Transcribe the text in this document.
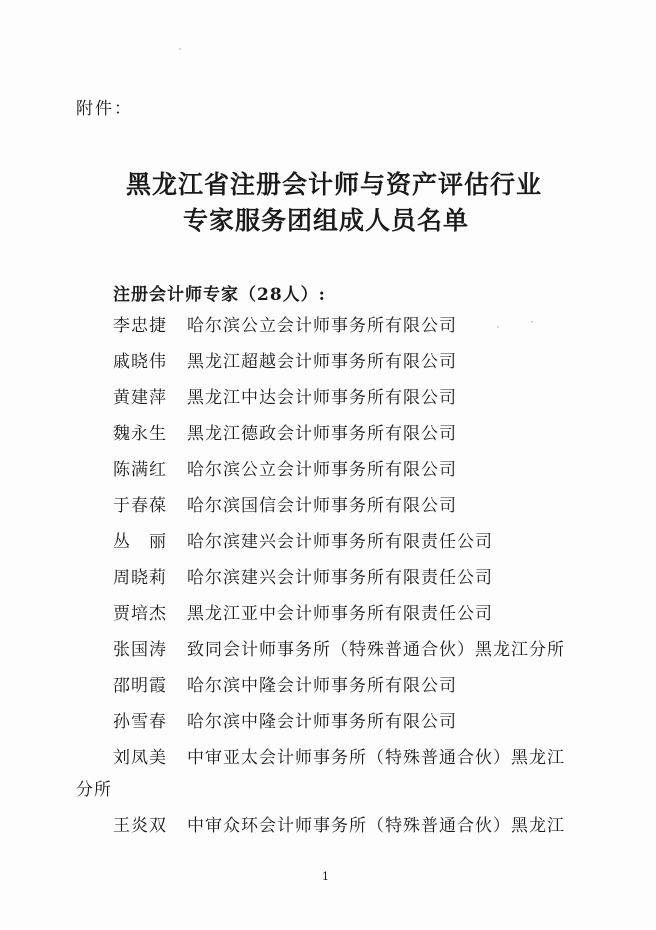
附件：
黑龙江省注册会计师与资产评估行业
专家服务团组成人员名单
注册会计师专家（28人）:
李忠捷 哈尔滨公立会计师事务所有限公司
戚晓伟 黑龙江超越会计师事务所有限公司
黄建萍 黑龙江中达会计师事务所有限公司
魏永生 黑龙江德政会计师事务所有限公司
陈满红 哈尔滨公立会计师事务所有限公司
于春葆 哈尔滨国信会计师事务所有限公司
丛　丽 哈尔滨建兴会计师事务所有限责任公司
周晓莉 哈尔滨建兴会计师事务所有限责任公司
贾培杰 黑龙江亚中会计师事务所有限责任公司
张国涛 致同会计师事务所（特殊普通合伙）黑龙江分所
邵明霞 哈尔滨中隆会计师事务所有限公司
孙雪春 哈尔滨中隆会计师事务所有限公司
刘凤美 中审亚太会计师事务所（特殊普通合伙）黑龙江
分所
王炎双 中审众环会计师事务所（特殊普通合伙）黑龙江
1
